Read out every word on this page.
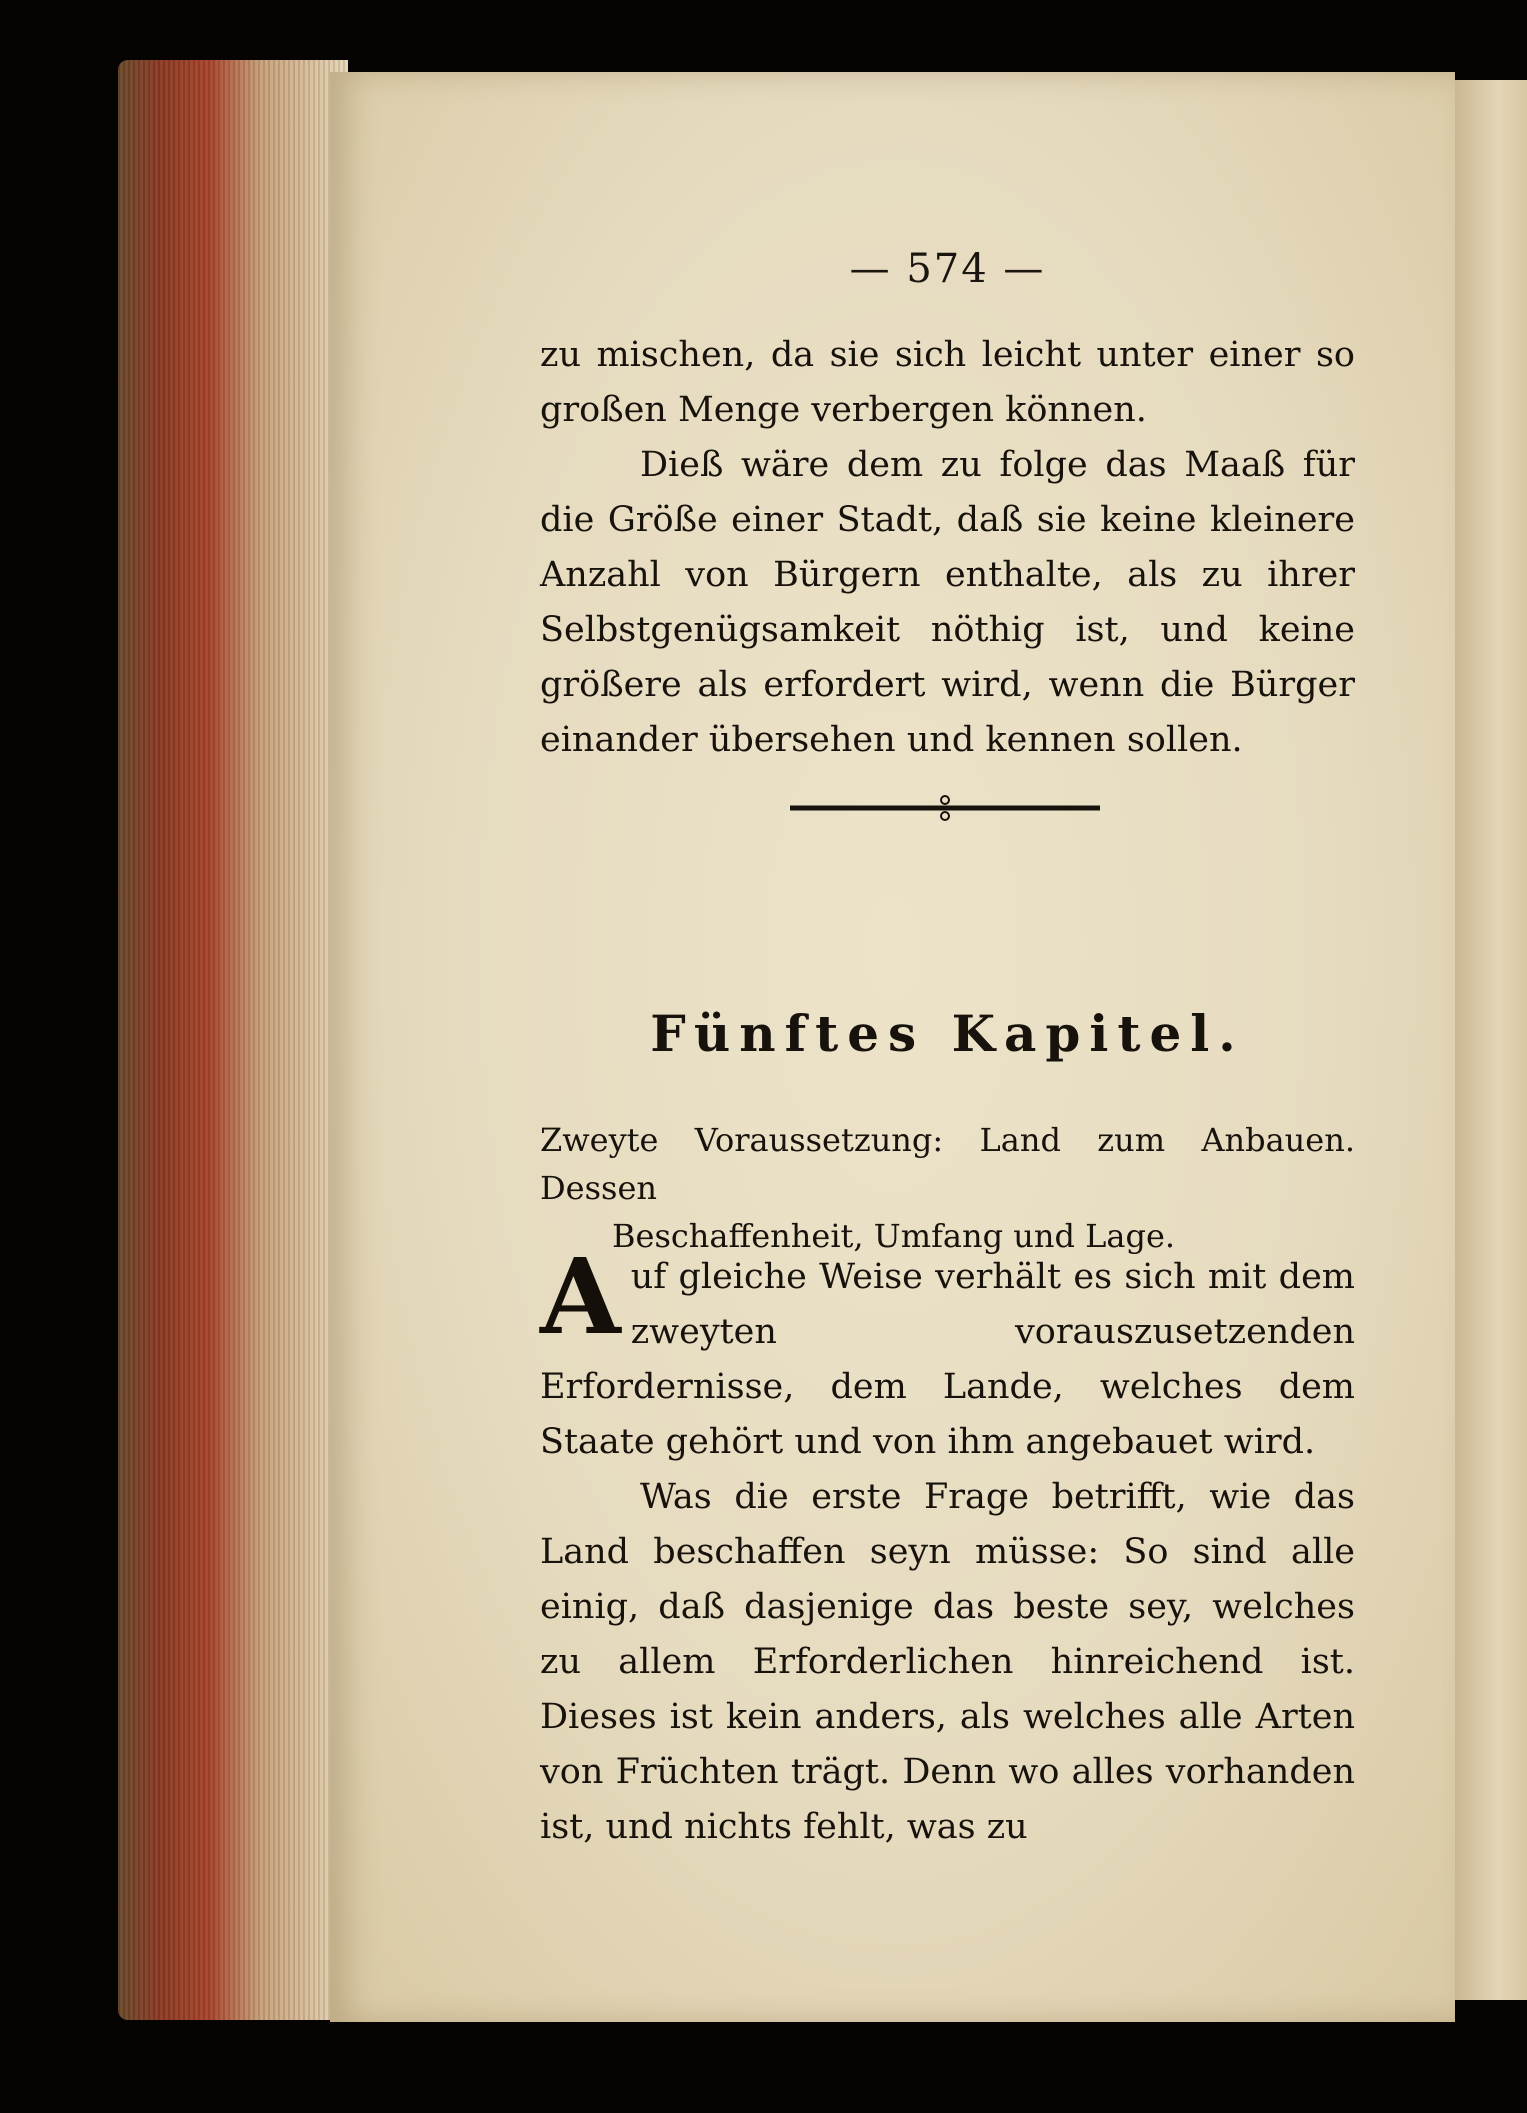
— 574 —

zu mischen, da sie sich leicht unter einer so großen Menge verbergen können.

Dieß wäre dem zu folge das Maaß für die Größe einer Stadt, daß sie keine kleinere Anzahl von Bürgern enthalte, als zu ihrer Selbstgenügsamkeit nöthig ist, und keine größere als erfordert wird, wenn die Bürger einander übersehen und kennen sollen.

Fünftes Kapitel.
Zweyte Voraussetzung: Land zum Anbauen. Dessen
Beschaffenheit, Umfang und Lage.

Auf gleiche Weise verhält es sich mit dem zweyten vorauszusetzenden Erfordernisse, dem Lande, welches dem Staate gehört und von ihm angebauet wird.

Was die erste Frage betrifft, wie das Land beschaffen seyn müsse: So sind alle einig, daß dasjenige das beste sey, welches zu allem Erforderlichen hinreichend ist. Dieses ist kein anders, als welches alle Arten von Früchten trägt. Denn wo alles vorhanden ist, und nichts fehlt, was zu
